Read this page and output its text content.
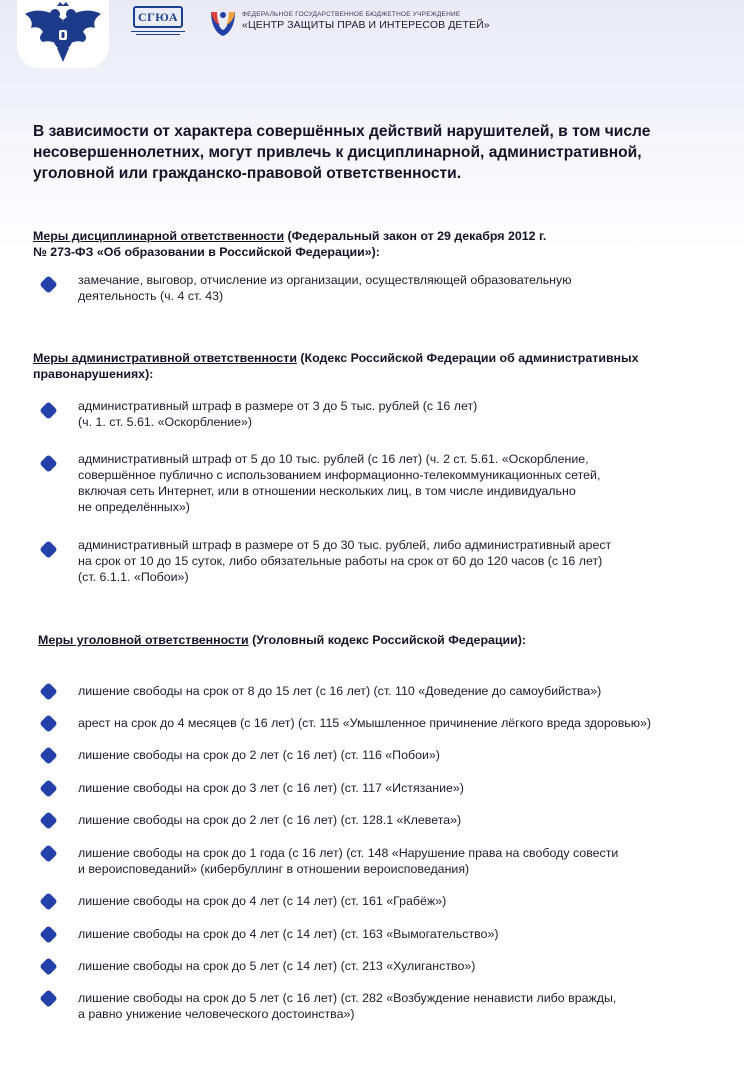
СГЮА	ФЕДЕРАЛЬНОЕ ГОСУДАРСТВЕННОЕ БЮДЖЕТНОЕ УЧРЕЖДЕНИЕ
«ЦЕНТР ЗАЩИТЫ ПРАВ И ИНТЕРЕСОВ ДЕТЕЙ»
В зависимости от характера совершённых действий нарушителей, в том числе несовершеннолетних, могут привлечь к дисциплинарной, административной, уголовной или гражданско-правовой ответственности.
Меры дисциплинарной ответственности (Федеральный закон от 29 декабря 2012 г.
№ 273-ФЗ «Об образовании в Российской Федерации»):
замечание, выговор, отчисление из организации, осуществляющей образовательную
деятельность (ч. 4 ст. 43)
Меры административной ответственности (Кодекс Российской Федерации об административных
правонарушениях):
административный штраф в размере от 3 до 5 тыс. рублей (с 16 лет)
(ч. 1. ст. 5.61. «Оскорбление»)
административный штраф от 5 до 10 тыс. рублей (с 16 лет) (ч. 2 ст. 5.61. «Оскорбление,
совершённое публично с использованием информационно-телекоммуникационных сетей,
включая сеть Интернет, или в отношении нескольких лиц, в том числе индивидуально
не определённых»)
административный штраф в размере от 5 до 30 тыс. рублей, либо административный арест
на срок от 10 до 15 суток, либо обязательные работы на срок от 60 до 120 часов (с 16 лет)
(ст. 6.1.1. «Побои»)
Меры уголовной ответственности (Уголовный кодекс Российской Федерации):
лишение свободы на срок от 8 до 15 лет (с 16 лет) (ст. 110 «Доведение до самоубийства»)
арест на срок до 4 месяцев (с 16 лет) (ст. 115 «Умышленное причинение лёгкого вреда здоровью»)
лишение свободы на срок до 2 лет (с 16 лет) (ст. 116 «Побои»)
лишение свободы на срок до 3 лет (с 16 лет) (ст. 117 «Истязание»)
лишение свободы на срок до 2 лет (с 16 лет) (ст. 128.1 «Клевета»)
лишение свободы на срок до 1 года (с 16 лет) (ст. 148 «Нарушение права на свободу совести
и вероисповеданий» (кибербуллинг в отношении вероисповедания)
лишение свободы на срок до 4 лет (с 14 лет) (ст. 161 «Грабёж»)
лишение свободы на срок до 4 лет (с 14 лет) (ст. 163 «Вымогательство»)
лишение свободы на срок до 5 лет (с 14 лет) (ст. 213 «Хулиганство»)
лишение свободы на срок до 5 лет (с 16 лет) (ст. 282 «Возбуждение ненависти либо вражды,
а равно унижение человеческого достоинства»)
